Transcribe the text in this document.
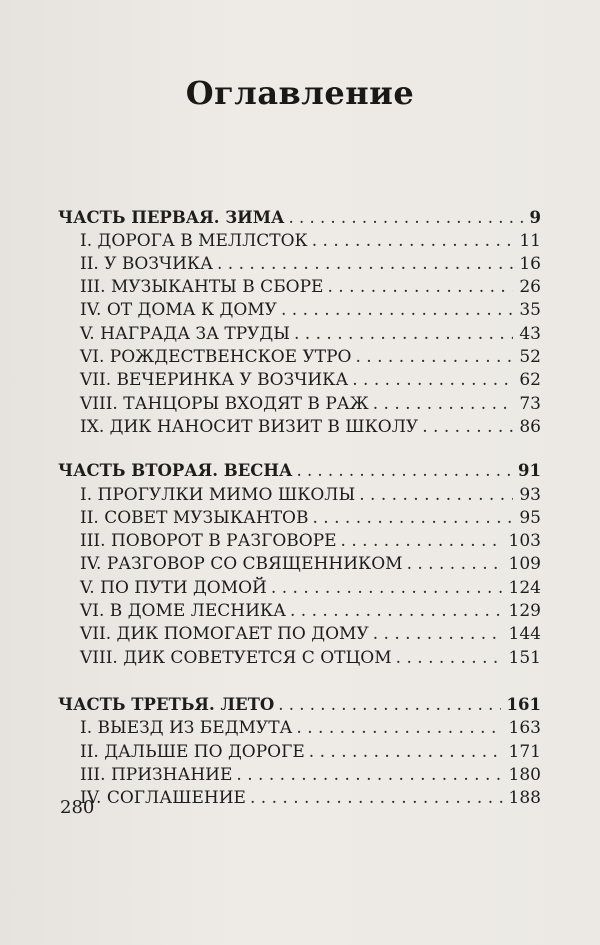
Оглавление
ЧАСТЬ ПЕРВАЯ. ЗИМА . . .	9
I. ДОРОГА В МЕЛЛСТОК . . .	11
II. У ВОЗЧИКА . . .	16
III. МУЗЫКАНТЫ В СБОРЕ . . .	26
IV. ОТ ДОМА К ДОМУ . . .	35
V. НАГРАДА ЗА ТРУДЫ . . .	43
VI. РОЖДЕСТВЕНСКОЕ УТРО . . .	52
VII. ВЕЧЕРИНКА У ВОЗЧИКА . . .	62
VIII. ТАНЦОРЫ ВХОДЯТ В РАЖ . . .	73
IX. ДИК НАНОСИТ ВИЗИТ В ШКОЛУ . . .	86
ЧАСТЬ ВТОРАЯ. ВЕСНА . . .	91
I. ПРОГУЛКИ МИМО ШКОЛЫ . . .	93
II. СОВЕТ МУЗЫКАНТОВ . . .	95
III. ПОВОРОТ В РАЗГОВОРЕ . . .	103
IV. РАЗГОВОР СО СВЯЩЕННИКОМ . . .	109
V. ПО ПУТИ ДОМОЙ . . .	124
VI. В ДОМЕ ЛЕСНИКА . . .	129
VII. ДИК ПОМОГАЕТ ПО ДОМУ . . .	144
VIII. ДИК СОВЕТУЕТСЯ С ОТЦОМ . . .	151
ЧАСТЬ ТРЕТЬЯ. ЛЕТО . . .	161
I. ВЫЕЗД ИЗ БЕДМУТА . . .	163
II. ДАЛЬШЕ ПО ДОРОГЕ . . .	171
III. ПРИЗНАНИЕ . . .	180
IV. СОГЛАШЕНИЕ . . .	188
280
